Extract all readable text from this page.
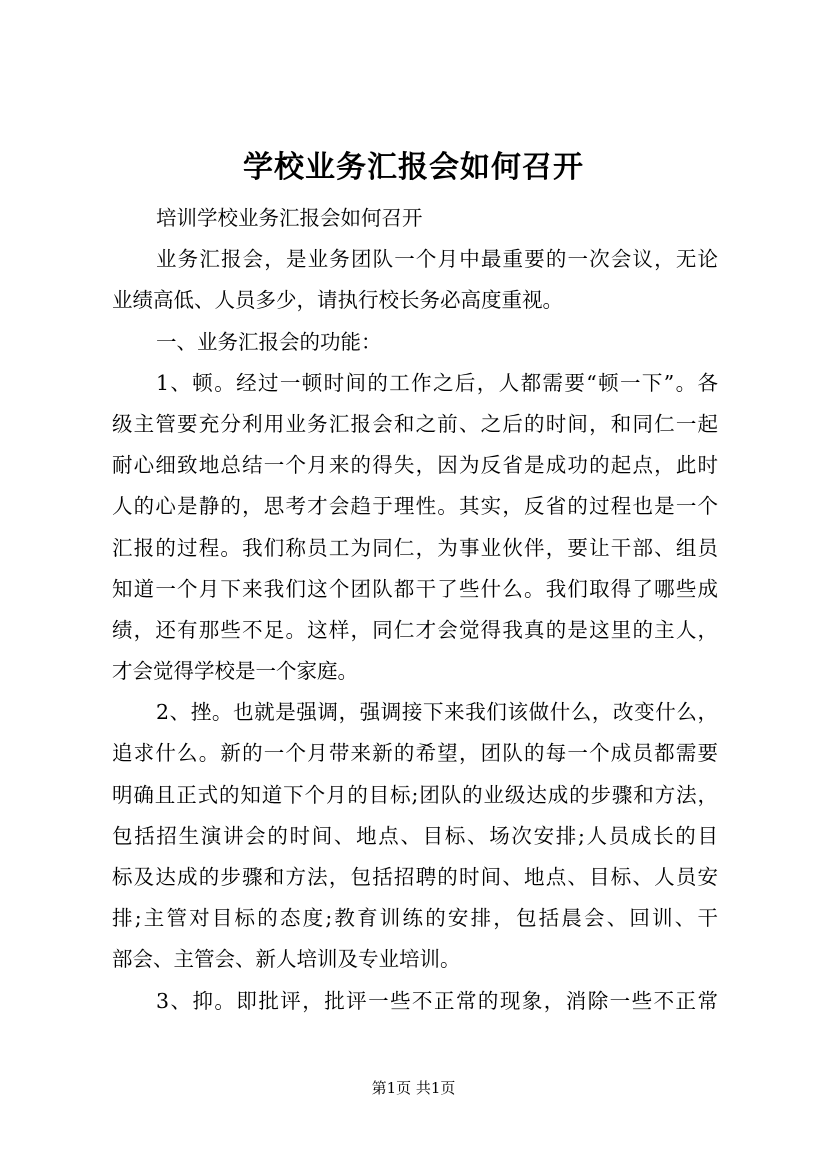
学校业务汇报会如何召开
培训学校业务汇报会如何召开
业务汇报会，是业务团队一个月中最重要的一次会议，无论
业绩高低、人员多少，请执行校长务必高度重视。
一、业务汇报会的功能：
1、顿。经过一顿时间的工作之后，人都需要“顿一下”。各
级主管要充分利用业务汇报会和之前、之后的时间，和同仁一起
耐心细致地总结一个月来的得失，因为反省是成功的起点，此时
人的心是静的，思考才会趋于理性。其实，反省的过程也是一个
汇报的过程。我们称员工为同仁，为事业伙伴，要让干部、组员
知道一个月下来我们这个团队都干了些什么。我们取得了哪些成
绩，还有那些不足。这样，同仁才会觉得我真的是这里的主人，
才会觉得学校是一个家庭。
2、挫。也就是强调，强调接下来我们该做什么，改变什么，
追求什么。新的一个月带来新的希望，团队的每一个成员都需要
明确且正式的知道下个月的目标;团队的业级达成的步骤和方法，
包括招生演讲会的时间、地点、目标、场次安排;人员成长的目
标及达成的步骤和方法，包括招聘的时间、地点、目标、人员安
排;主管对目标的态度;教育训练的安排，包括晨会、回训、干
部会、主管会、新人培训及专业培训。
3、抑。即批评，批评一些不正常的现象，消除一些不正常
第1页 共1页
